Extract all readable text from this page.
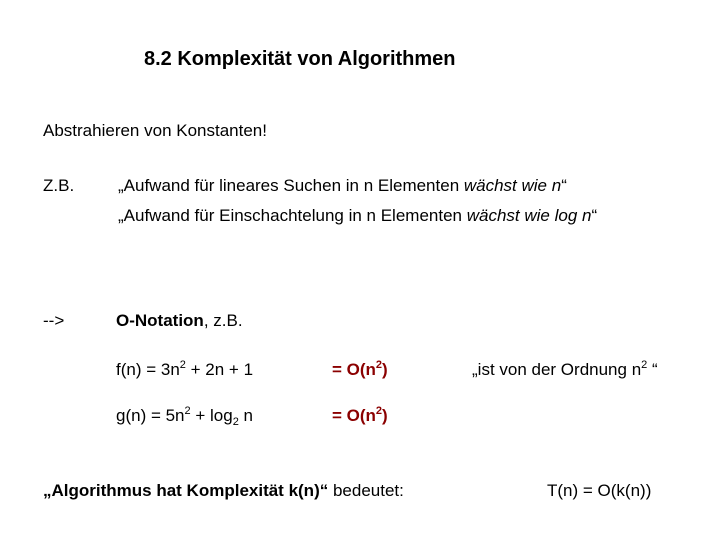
8.2 Komplexität von Algorithmen
Abstrahieren von Konstanten!
Z.B.	„Aufwand für lineares Suchen in n Elementen wächst wie n“
„Aufwand für Einschachtelung in n Elementen wächst wie log n“
-->	O-Notation, z.B.
$f(n) = 3n^2 + 2n + 1$	= $O(n^2)$	„ist von der Ordnung $n^2$ “
$g(n) = 5n^2 + \log_2 n$	= $O(n^2)$
„Algorithmus hat Komplexität k(n)“ bedeutet:	T(n) = O(k(n))
